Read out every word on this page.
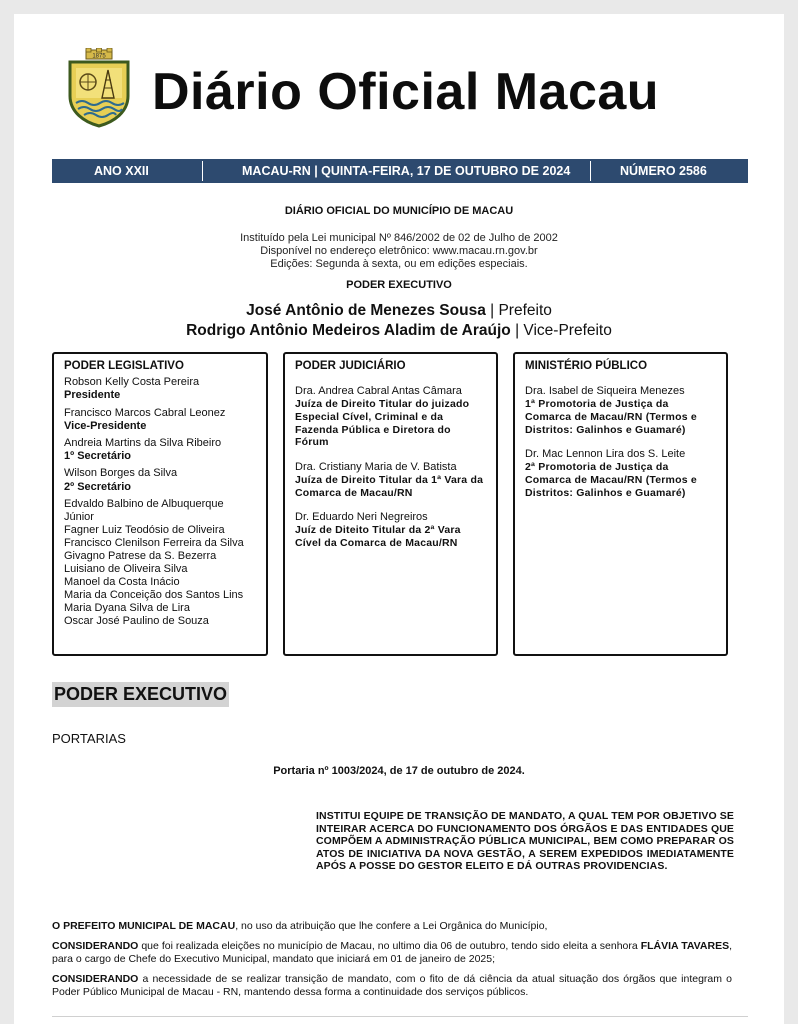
1875
Diário Oficial Macau
ANO XXII	MACAU-RN | QUINTA-FEIRA, 17 DE OUTUBRO DE 2024	NÚMERO 2586
DIÁRIO OFICIAL DO MUNICÍPIO DE MACAU
Instituído pela Lei municipal Nº 846/2002 de 02 de Julho de 2002
Disponível no endereço eletrônico: www.macau.rn.gov.br
Edições: Segunda à sexta, ou em edições especiais.
PODER EXECUTIVO
José Antônio de Menezes Sousa | Prefeito
Rodrigo Antônio Medeiros Aladim de Araújo | Vice-Prefeito
PODER LEGISLATIVO
Robson Kelly Costa Pereira
Presidente
Francisco Marcos Cabral Leonez
Vice-Presidente
Andreia Martins da Silva Ribeiro
1º Secretário
Wilson Borges da Silva
2º Secretário
Edvaldo Balbino de Albuquerque Júnior
Fagner Luiz Teodósio de Oliveira
Francisco Clenilson Ferreira da Silva
Givagno Patrese da S. Bezerra
Luisiano de Oliveira Silva
Manoel da Costa Inácio
Maria da Conceição dos Santos Lins
Maria Dyana Silva de Lira
Oscar José Paulino de Souza
PODER JUDICIÁRIO
Dra. Andrea Cabral Antas Câmara
Juíza de Direito Titular do juizado Especial Cível, Criminal e da Fazenda Pública e Diretora do Fórum
Dra. Cristiany Maria de V. Batista
Juíza de Direito Titular da 1ª Vara da Comarca de Macau/RN
Dr. Eduardo Neri Negreiros
Juíz de Diteito Titular da 2ª Vara Cível da Comarca de Macau/RN
MINISTÉRIO PÚBLICO
Dra. Isabel de Siqueira Menezes
1ª Promotoria de Justiça da Comarca de Macau/RN (Termos e Distritos: Galinhos e Guamaré)
Dr. Mac Lennon Lira dos S. Leite
2ª Promotoria de Justiça da Comarca de Macau/RN (Termos e Distritos: Galinhos e Guamaré)
PODER EXECUTIVO
PORTARIAS
Portaria nº 1003/2024, de 17 de outubro de 2024.
INSTITUI EQUIPE DE TRANSIÇÃO DE MANDATO, A QUAL TEM POR OBJETIVO SE INTEIRAR ACERCA DO FUNCIONAMENTO DOS ÓRGÃOS E DAS ENTIDADES QUE COMPÕEM A ADMINISTRAÇÃO PÚBLICA MUNICIPAL, BEM COMO PREPARAR OS ATOS DE INICIATIVA DA NOVA GESTÃO, A SEREM EXPEDIDOS IMEDIATAMENTE APÓS A POSSE DO GESTOR ELEITO E DÁ OUTRAS PROVIDENCIAS.
O PREFEITO MUNICIPAL DE MACAU, no uso da atribuição que lhe confere a Lei Orgânica do Município,
CONSIDERANDO que foi realizada eleições no município de Macau, no ultimo dia 06 de outubro, tendo sido eleita a senhora FLÁVIA TAVARES, para o cargo de Chefe do Executivo Municipal, mandato que iniciará em 01 de janeiro de 2025;
CONSIDERANDO a necessidade de se realizar transição de mandato, com o fito de dá ciência da atual situação dos órgãos que integram o Poder Público Municipal de Macau - RN, mantendo dessa forma a continuidade dos serviços públicos.
